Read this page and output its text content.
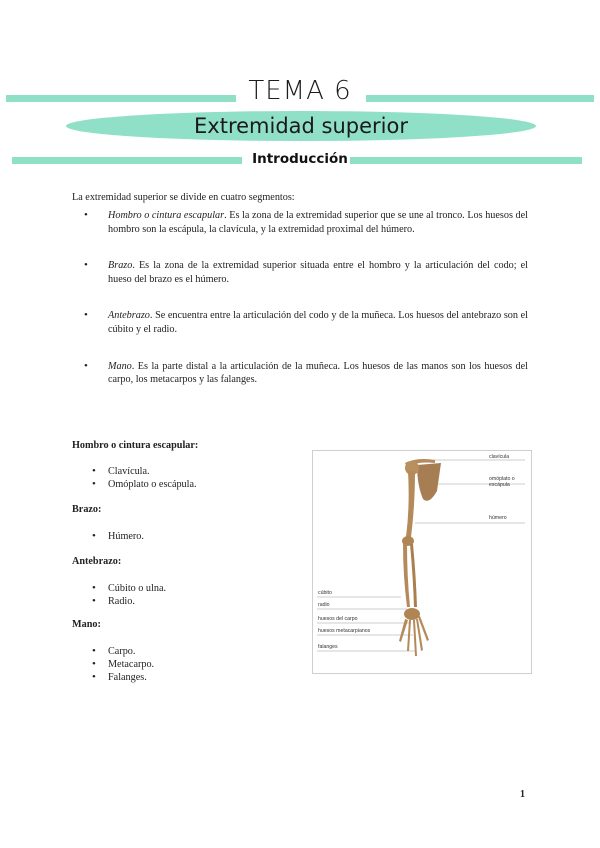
TEMA 6
Extremidad superior
Introducción
La extremidad superior se divide en cuatro segmentos:
• Hombro o cintura escapular. Es la zona de la extremidad superior que se une al tronco. Los huesos del hombro son la escápula, la clavícula, y la extremidad proximal del húmero.
• Brazo. Es la zona de la extremidad superior situada entre el hombro y la articulación del codo; el hueso del brazo es el húmero.
• Antebrazo. Se encuentra entre la articulación del codo y de la muñeca. Los huesos del antebrazo son el cúbito y el radio.
• Mano. Es la parte distal a la articulación de la muñeca. Los huesos de las manos son los huesos del carpo, los metacarpos y las falanges.
Hombro o cintura escapular:
• Clavícula.
• Omóplato o escápula.
Brazo:
• Húmero.
Antebrazo:
• Cúbito o ulna.
• Radio.
Mano:
• Carpo.
• Metacarpo.
• Falanges.
clavícula
omóplato o escápula
húmero
cúbito
radio
huesos del carpo
huesos metacarpianos
falanges
1
